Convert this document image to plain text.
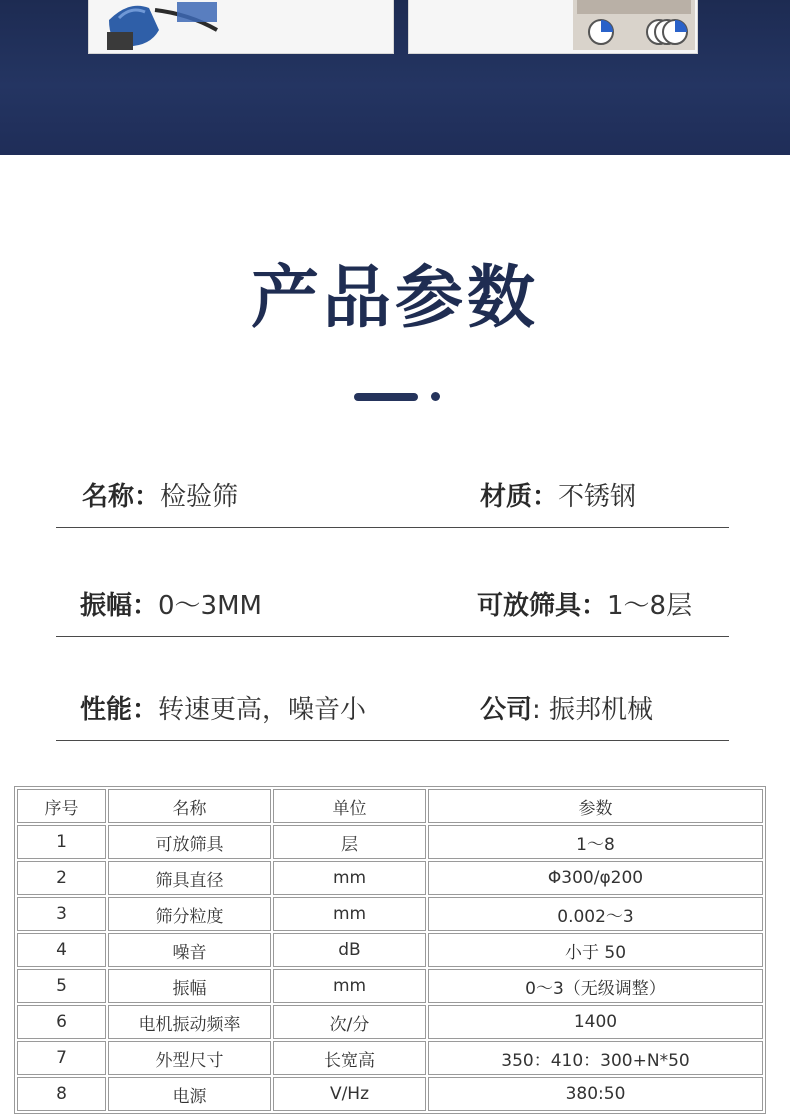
产品参数
名称：检验筛	材质：不锈钢
振幅：0～3MM	可放筛具：1～8层
性能：转速更高，噪音小	公司: 振邦机械
序号	名称	单位	参数
1	可放筛具	层	1～8
2	筛具直径	mm	Φ300/φ200
3	筛分粒度	mm	0.002～3
4	噪音	dB	小于 50
5	振幅	mm	0～3（无级调整）
6	电机振动频率	次/分	1400
7	外型尺寸	长宽高	350：410：300+N*50
8	电源	V/Hz	380:50
